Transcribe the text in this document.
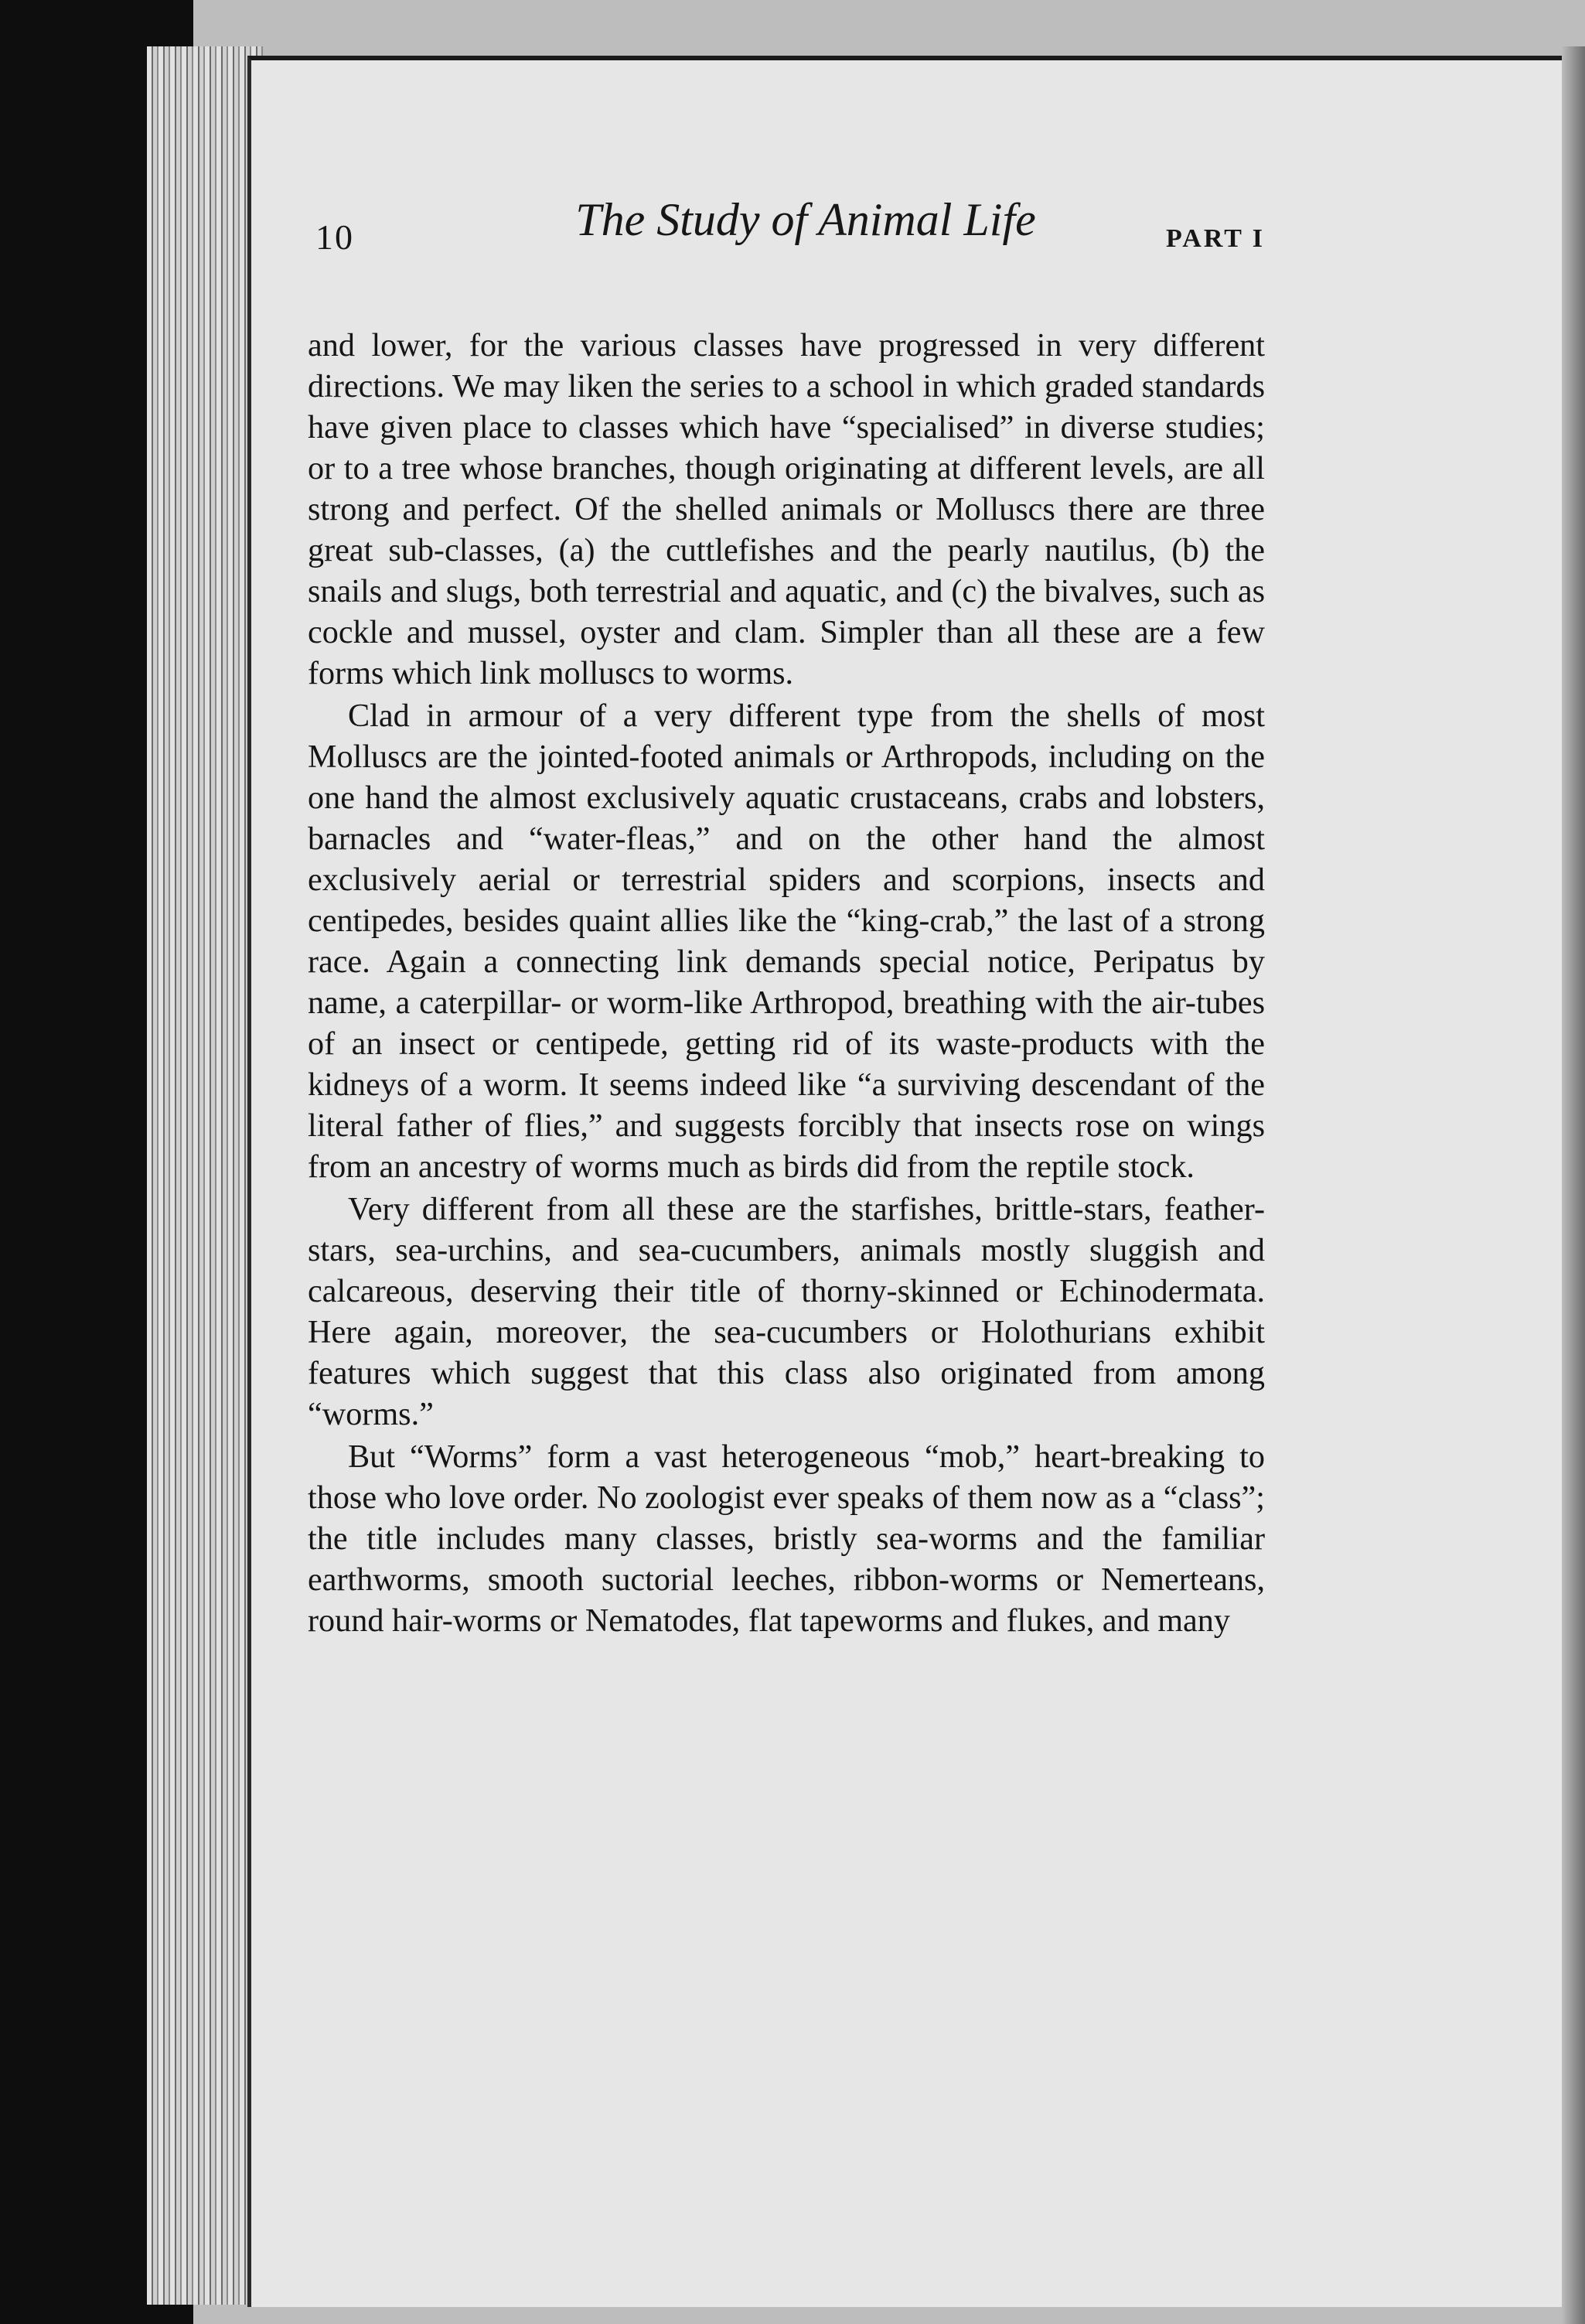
10	The Study of Animal Life	PART I

and lower, for the various classes have progressed in very different directions. We may liken the series to a school in which graded standards have given place to classes which have “specialised” in diverse studies; or to a tree whose branches, though originating at different levels, are all strong and perfect. Of the shelled animals or Molluscs there are three great sub-classes, (a) the cuttlefishes and the pearly nautilus, (b) the snails and slugs, both terrestrial and aquatic, and (c) the bivalves, such as cockle and mussel, oyster and clam. Simpler than all these are a few forms which link molluscs to worms.

Clad in armour of a very different type from the shells of most Molluscs are the jointed-footed animals or Arthropods, including on the one hand the almost exclusively aquatic crustaceans, crabs and lobsters, barnacles and “water-fleas,” and on the other hand the almost exclusively aerial or terrestrial spiders and scorpions, insects and centipedes, besides quaint allies like the “king-crab,” the last of a strong race. Again a connecting link demands special notice, Peripatus by name, a caterpillar- or worm-like Arthropod, breathing with the air-tubes of an insect or centipede, getting rid of its waste-products with the kidneys of a worm. It seems indeed like “a surviving descendant of the literal father of flies,” and suggests forcibly that insects rose on wings from an ancestry of worms much as birds did from the reptile stock.

Very different from all these are the starfishes, brittle-stars, feather-stars, sea-urchins, and sea-cucumbers, animals mostly sluggish and calcareous, deserving their title of thorny-skinned or Echinodermata. Here again, moreover, the sea-cucumbers or Holothurians exhibit features which suggest that this class also originated from among “worms.”

But “Worms” form a vast heterogeneous “mob,” heart-breaking to those who love order. No zoologist ever speaks of them now as a “class”; the title includes many classes, bristly sea-worms and the familiar earthworms, smooth suctorial leeches, ribbon-worms or Nemerteans, round hair-worms or Nematodes, flat tapeworms and flukes, and many
